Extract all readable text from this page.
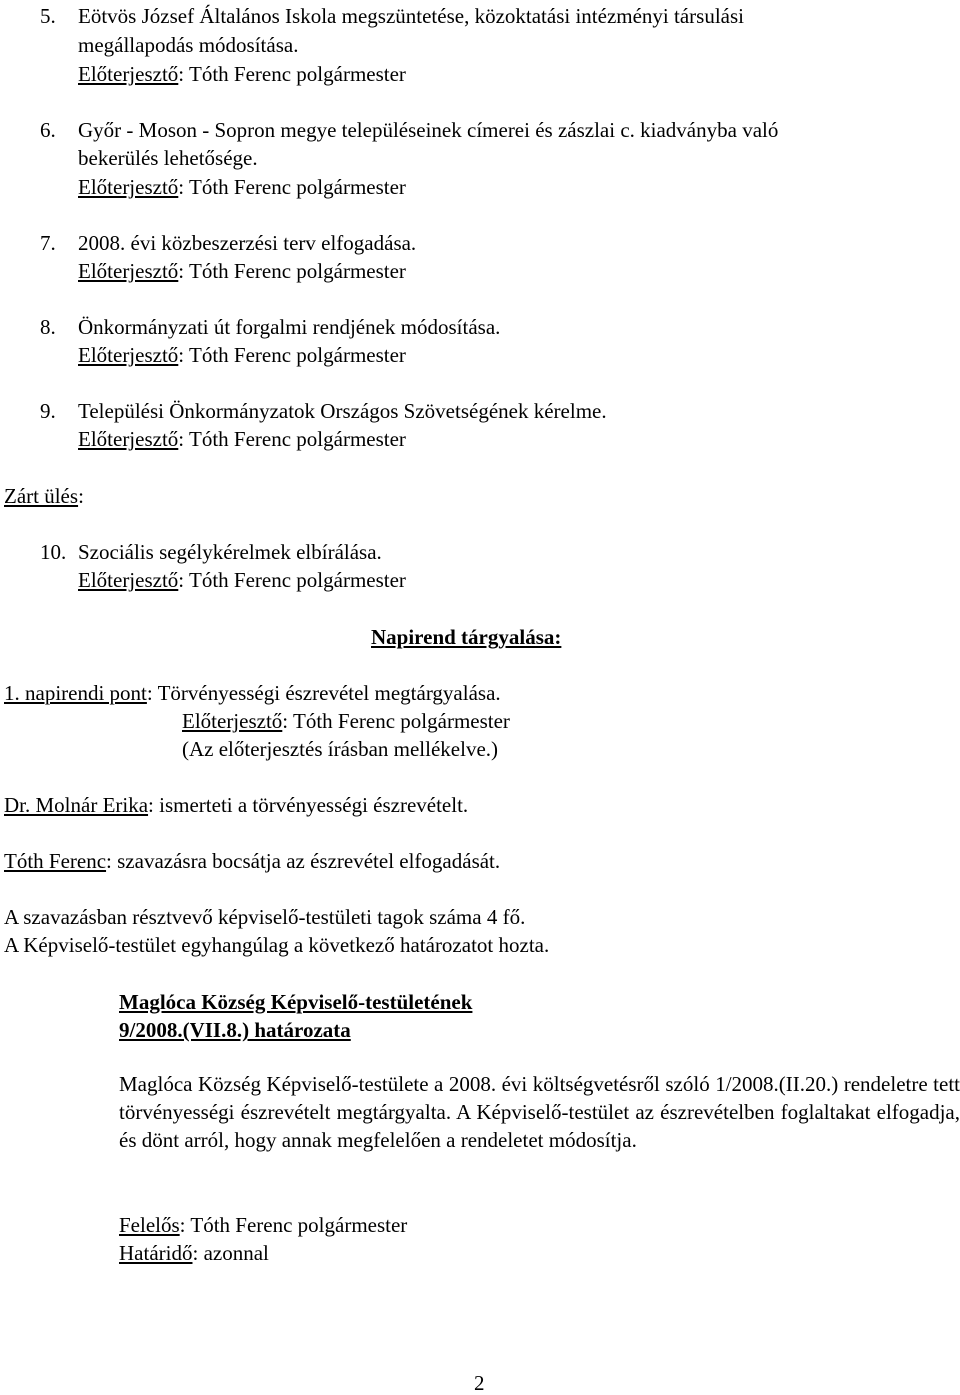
5. Eötvös József Általános Iskola megszüntetése, közoktatási intézményi társulási
megállapodás módosítása.
Előterjesztő: Tóth Ferenc polgármester
6. Győr - Moson - Sopron megye településeinek címerei és zászlai c. kiadványba való
bekerülés lehetősége.
Előterjesztő: Tóth Ferenc polgármester
7. 2008. évi közbeszerzési terv elfogadása.
Előterjesztő: Tóth Ferenc polgármester
8. Önkormányzati út forgalmi rendjének módosítása.
Előterjesztő: Tóth Ferenc polgármester
9. Települési Önkormányzatok Országos Szövetségének kérelme.
Előterjesztő: Tóth Ferenc polgármester
Zárt ülés:
10. Szociális segélykérelmek elbírálása.
Előterjesztő: Tóth Ferenc polgármester
Napirend tárgyalása:
1. napirendi pont: Törvényességi észrevétel megtárgyalása.
Előterjesztő: Tóth Ferenc polgármester
(Az előterjesztés írásban mellékelve.)
Dr. Molnár Erika: ismerteti a törvényességi észrevételt.
Tóth Ferenc: szavazásra bocsátja az észrevétel elfogadását.
A szavazásban résztvevő képviselő-testületi tagok száma 4 fő.
A Képviselő-testület egyhangúlag a következő határozatot hozta.
Maglóca Község Képviselő-testületének
9/2008.(VII.8.) határozata
Maglóca Község Képviselő-testülete a 2008. évi költségvetésről szóló 1/2008.(II.20.) rendeletre tett törvényességi észrevételt megtárgyalta. A Képviselő-testület az észrevételben foglaltakat elfogadja, és dönt arról, hogy annak megfelelően a rendeletet módosítja.
Felelős: Tóth Ferenc polgármester
Határidő: azonnal
2
